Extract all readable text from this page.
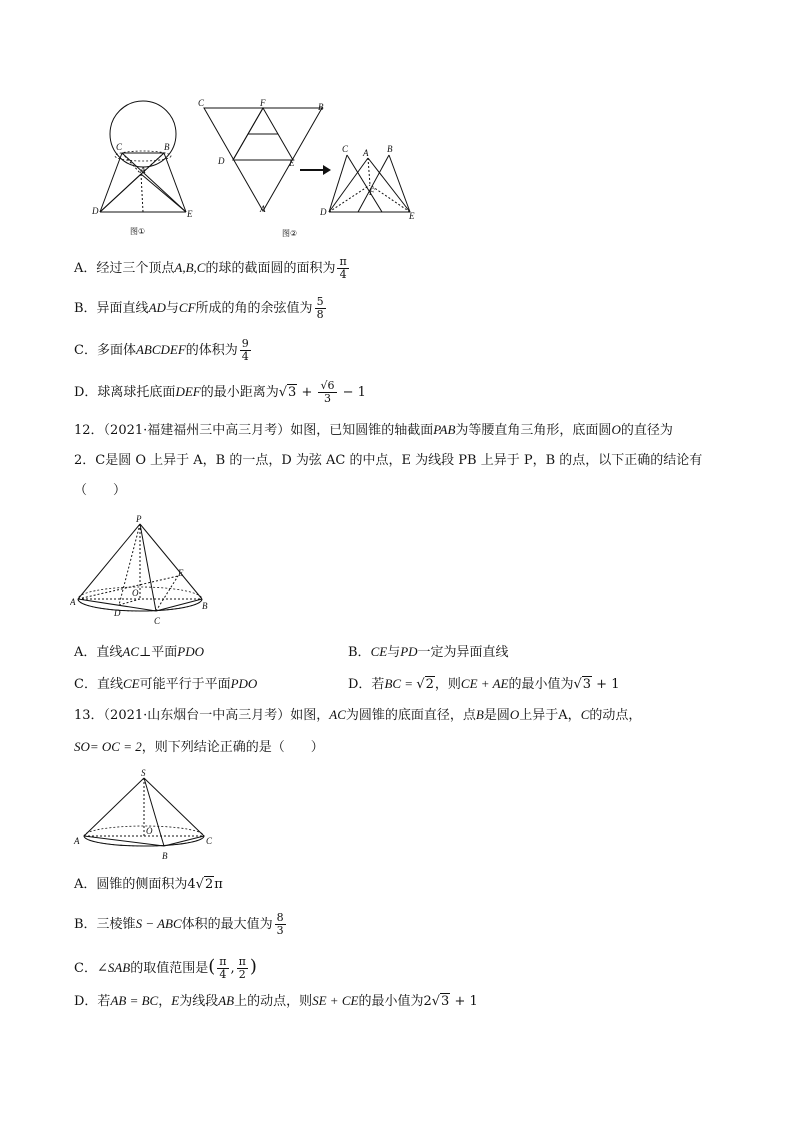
C	B
A
D	E
图①
C	F	B
D	E
A
图②
C A B
F
D	E
A．经过三个顶点A,B,C的球的截面圆的面积为 $\frac{\pi}{4}$
B．异面直线AD与CF所成的角的余弦值为 $\frac{5}{8}$
C．多面体ABCDEF的体积为 $\frac{9}{4}$
D．球离球托底面DEF的最小距离为$√3 + \frac{√6}{3} - 1$
12．（2021·福建福州三中高三月考）如图，已知圆锥的轴截面PAB为等腰直角三角形，底面圆O的直径为
2．C是圆 O 上异于 A，B 的一点，D 为弦 AC 的中点，E 为线段 PB 上异于 P，B 的点，以下正确的结论有
（　　）
P
E
A
D
O
B
C
A．直线AC⊥平面PDO	B．CE与PD一定为异面直线
C．直线CE可能平行于平面PDO	D．若BC = √2，则CE + AE的最小值为√3 + 1
13．（2021·山东烟台一中高三月考）如图，AC为圆锥的底面直径，点B是圆O上异于A，C的动点，
SO= OC = 2，则下列结论正确的是（　　）
S
O
A
B
C
A．圆锥的侧面积为4√2π
B．三棱锥S − ABC体积的最大值为 $\frac{8}{3}$
C．∠SAB的取值范围是( $\frac{\pi}{4}$ , $\frac{\pi}{2}$ )
D．若AB = BC，E为线段AB上的动点，则SE + CE的最小值为2√3 + 1
